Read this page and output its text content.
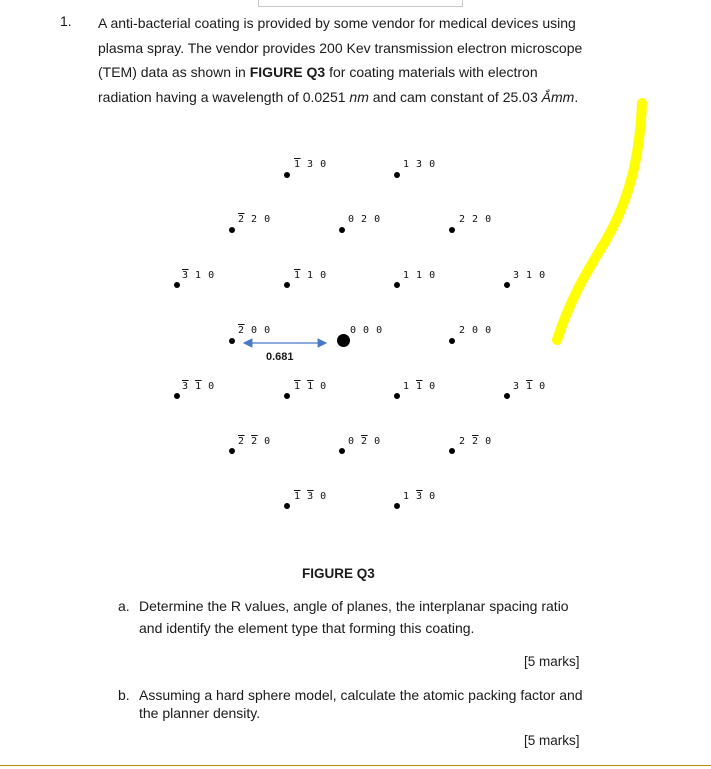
1. A anti-bacterial coating is provided by some vendor for medical devices using plasma spray. The vendor provides 200 Kev transmission electron microscope (TEM) data as shown in FIGURE Q3 for coating materials with electron radiation having a wavelength of 0.0251 nm and cam constant of 25.03 Ắmm.
1 3 0	1 3 0
2 2 0	0 2 0	2 2 0
3 1 0	1 1 0	1 1 0	3 1 0
2 0 0	0 0 0	2 0 0
0.681
3 1 0	1 1 0	1 1 0	3 1 0
2 2 0	0 2 0	2 2 0
1 3 0	1 3 0
FIGURE Q3
a. Determine the R values, angle of planes, the interplanar spacing ratio and identify the element type that forming this coating.
[5 marks]
b. Assuming a hard sphere model, calculate the atomic packing factor and the planner density.
[5 marks]
